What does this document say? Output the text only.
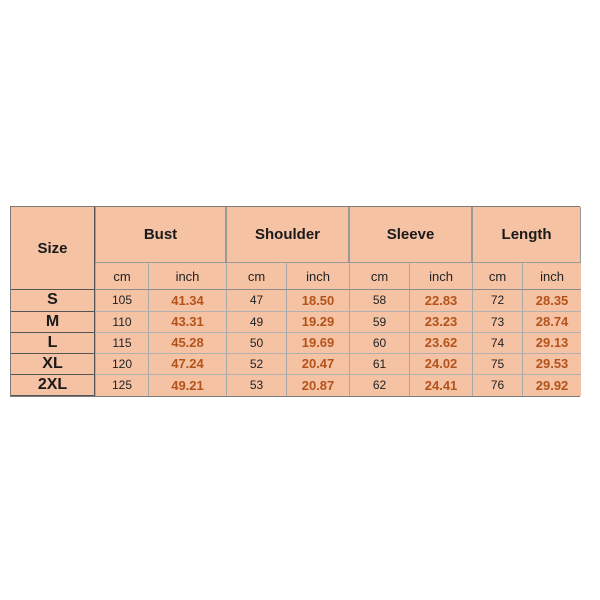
Size	Bust		Shoulder		Sleeve		Length	
	cm	inch	cm	inch	cm	inch	cm	inch
S	105	41.34	47	18.50	58	22.83	72	28.35
M	110	43.31	49	19.29	59	23.23	73	28.74
L	115	45.28	50	19.69	60	23.62	74	29.13
XL	120	47.24	52	20.47	61	24.02	75	29.53
2XL	125	49.21	53	20.87	62	24.41	76	29.92
